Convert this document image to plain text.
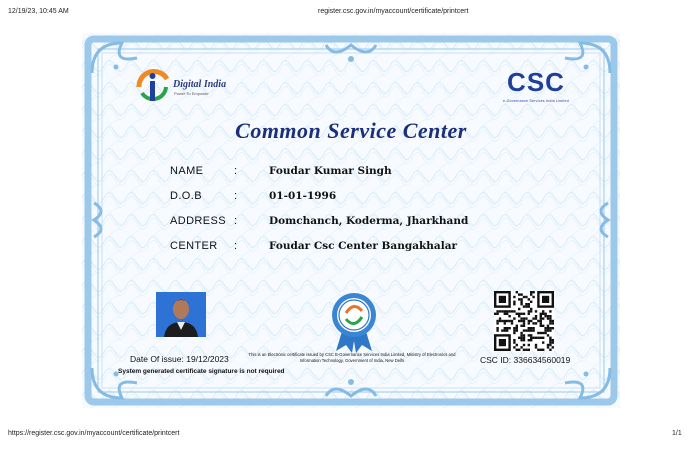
12/19/23, 10:45 AM	register.csc.gov.in/myaccount/certificate/printcert
Digital India
Power To Empower	CSC
e-Governance Services India Limited
Common Service Center
NAME	:	Foudar Kumar Singh
D.O.B	:	01-01-1996
ADDRESS :	Domchanch, Koderma, Jharkhand
CENTER :	Foudar Csc Center Bangakhalar
Date Of issue: 19/12/2023	This is an Electronic certificate issued by CSC E-Governance Services India Limited, Ministry of Electronics and Information Technology, Government of India, New Delhi	CSC ID: 336634560019
System generated certificate signature is not required
https://register.csc.gov.in/myaccount/certificate/printcert	1/1
